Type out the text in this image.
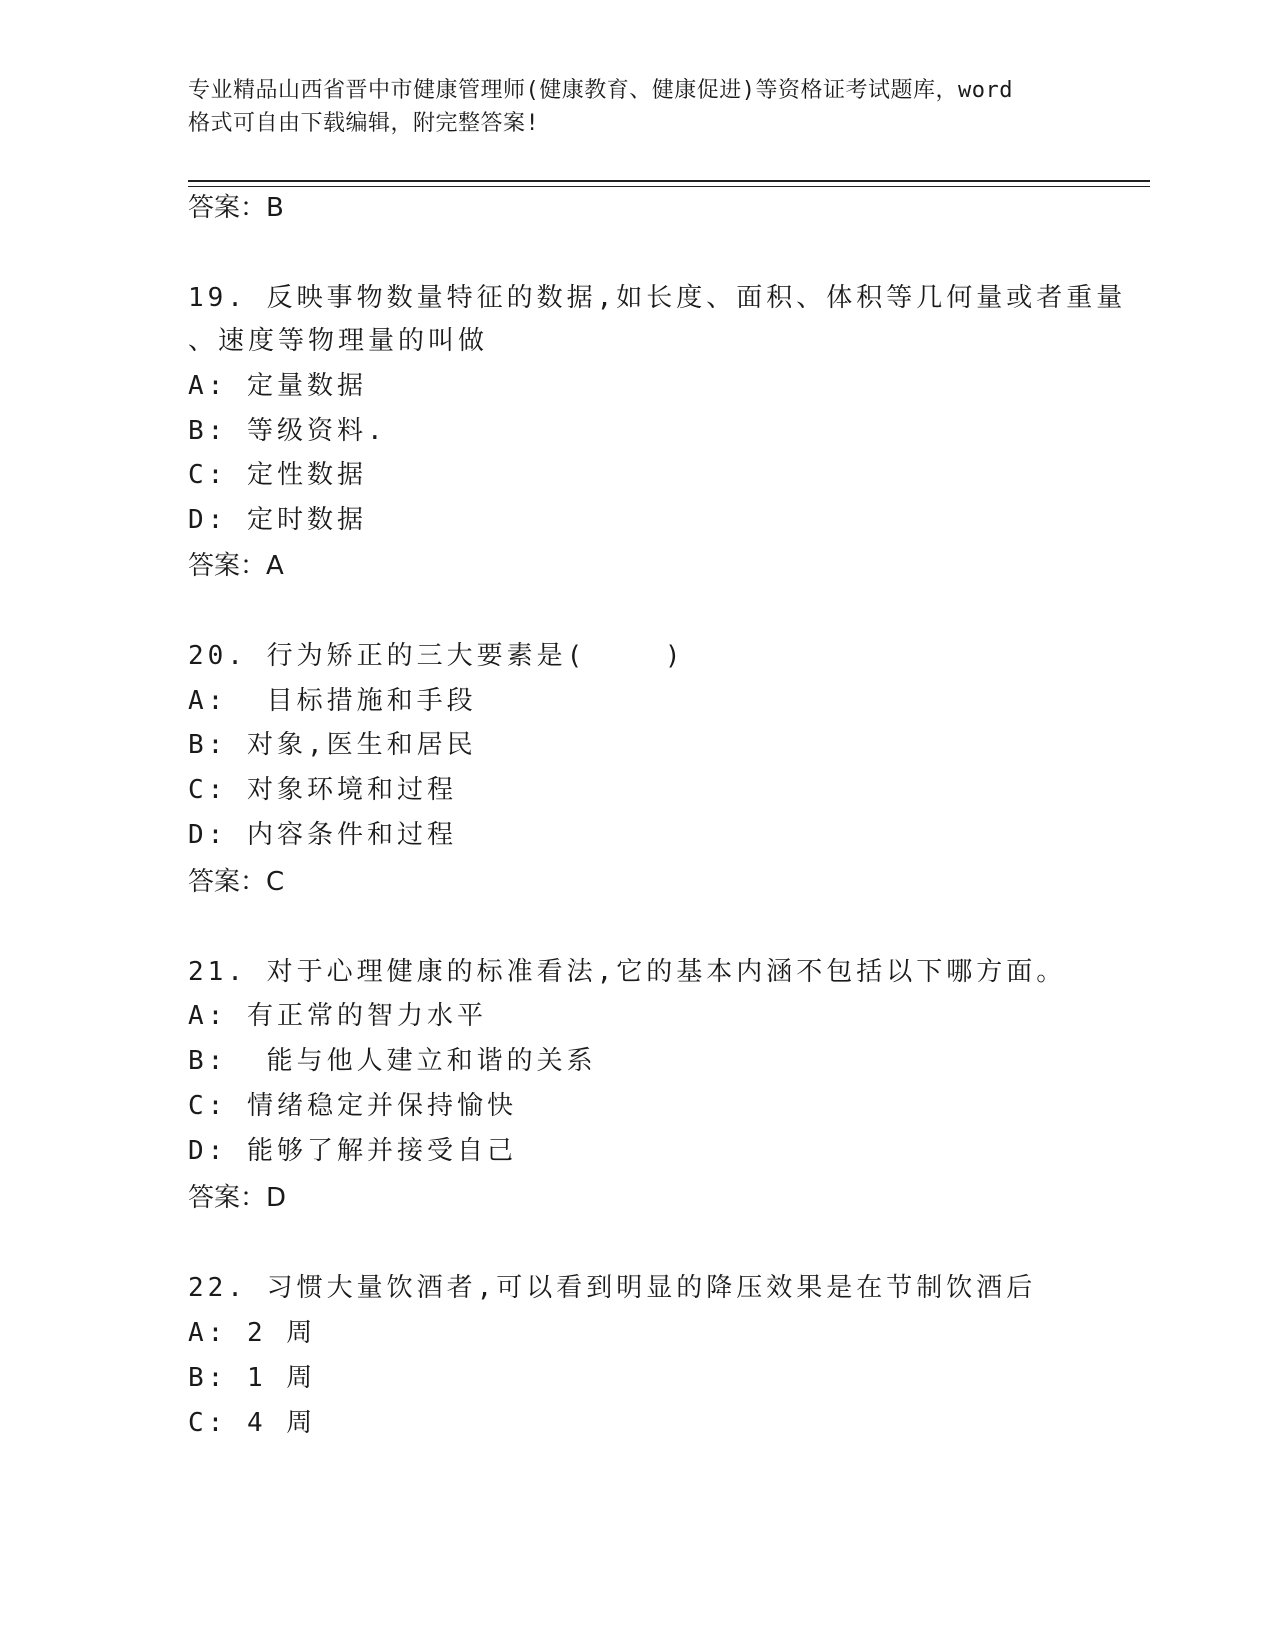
专业精品山西省晋中市健康管理师(健康教育、健康促进)等资格证考试题库，word
格式可自由下载编辑，附完整答案!
答案：B
19. 反映事物数量特征的数据,如长度、面积、体积等几何量或者重量
、速度等物理量的叫做
A: 定量数据
B: 等级资料.
C: 定性数据
D: 定时数据
答案：A
20. 行为矫正的三大要素是(    )
A:  目标措施和手段
B: 对象,医生和居民
C: 对象环境和过程
D: 内容条件和过程
答案：C
21. 对于心理健康的标准看法,它的基本内涵不包括以下哪方面。
A: 有正常的智力水平
B:  能与他人建立和谐的关系
C: 情绪稳定并保持愉快
D: 能够了解并接受自己
答案：D
22. 习惯大量饮酒者,可以看到明显的降压效果是在节制饮酒后
A: 2 周
B: 1 周
C: 4 周
